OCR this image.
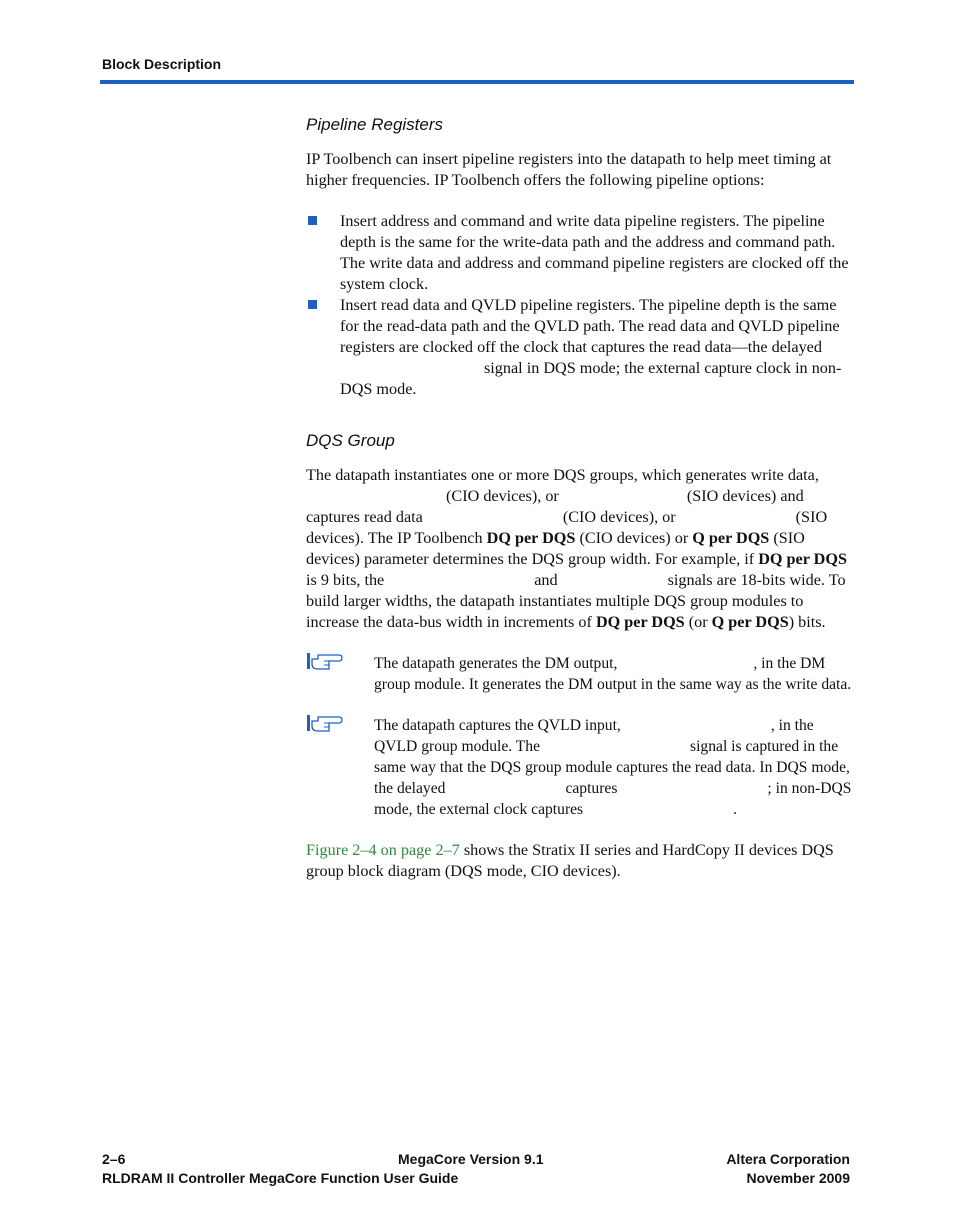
Block Description
Pipeline Registers

IP Toolbench can insert pipeline registers into the datapath to help meet timing at higher frequencies. IP Toolbench offers the following pipeline options:

Insert address and command and write data pipeline registers. The pipeline depth is the same for the write-data path and the address and command path. The write data and address and command pipeline registers are clocked off the system clock.
Insert read data and QVLD pipeline registers. The pipeline depth is the same for the read-data path and the QVLD path. The read data and QVLD pipeline registers are clocked off the clock that captures the read data—the delayedsignal in DQS mode; the external capture clock in non-DQS mode.
DQS Group

The datapath instantiates one or more DQS groups, which generates write data,(CIO devices), or	(SIO devices) and captures read data	(CIO devices), or	(SIO devices). The IP Toolbench DQ per DQS (CIO devices) or Q per DQS (SIO devices) parameter determines the DQS group width. For example, if DQ per DQS is 9 bits, the	and	signals are 18-bits wide. To build larger widths, the datapath instantiates multiple DQS group modules to increase the data-bus width in increments of DQ per DQS (or Q per DQS) bits.

The datapath generates the DM output,	, in the DM group module. It generates the DM output in the same way as the write data.
The datapath captures the QVLD input,	, in the QVLD group module. The	signal is captured in the same way that the DQS group module captures the read data. In DQS mode, the delayed	captures	; in non-DQS mode, the external clock captures	.

Figure 2–4 on page 2–7 shows the Stratix II series and HardCopy II devices DQS group block diagram (DQS mode, CIO devices).

2–6
RLDRAM II Controller MegaCore Function User Guide
MegaCore Version 9.1	Altera Corporation
November 2009
